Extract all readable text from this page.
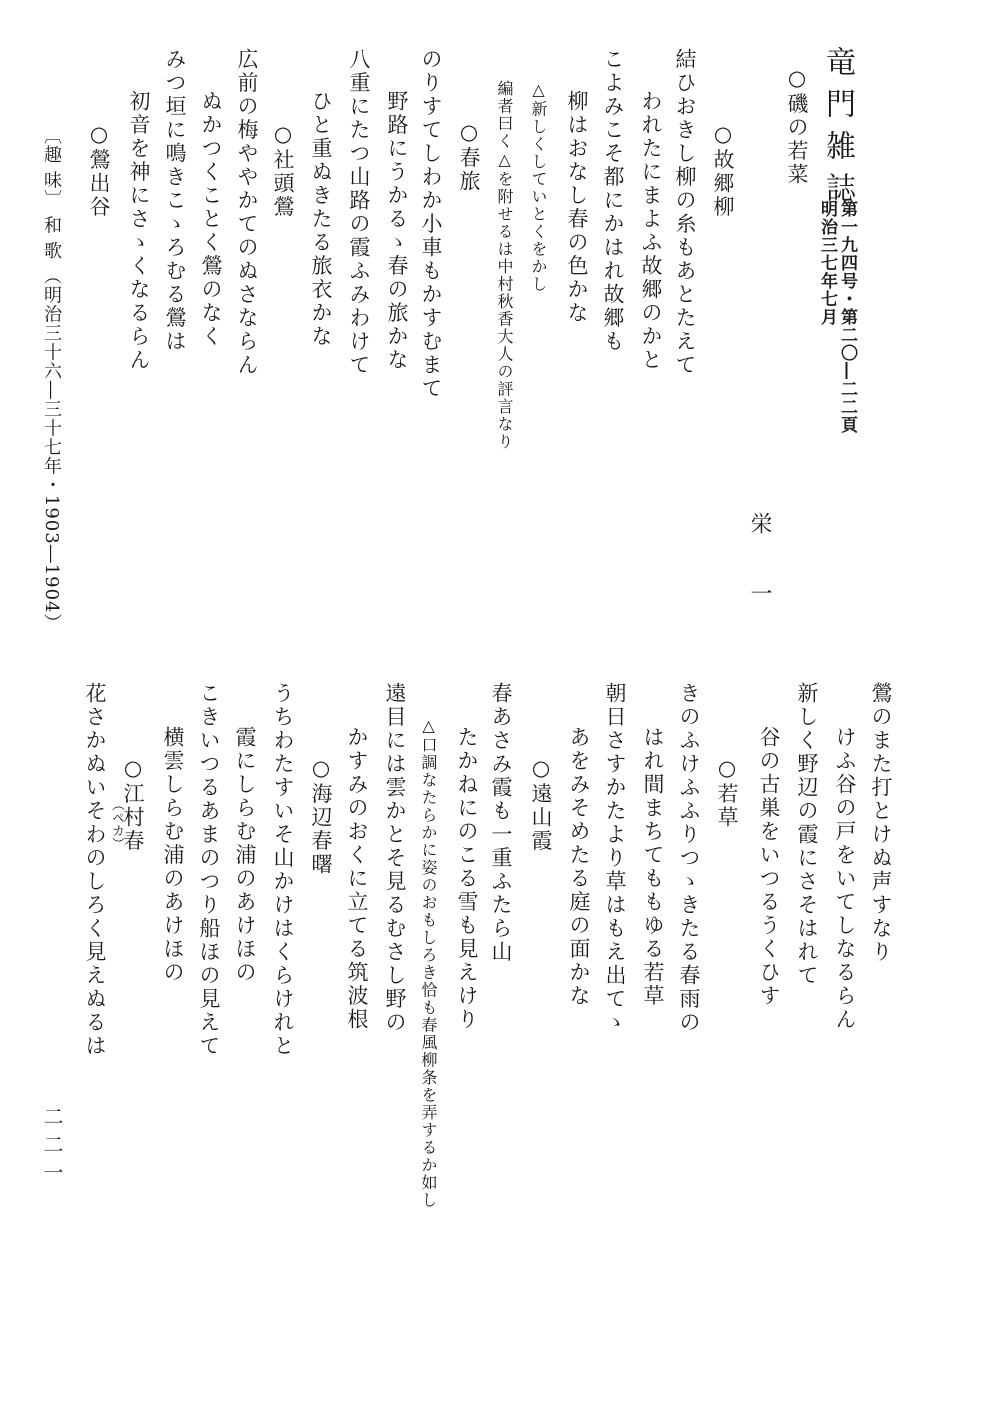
竜門雑誌
第一九四号・第二〇―二二頁
明治三七年七月
栄一
○磯の若菜
○故郷柳
結ひおきし柳の糸もあとたえて
われたにまよふ故郷のかと
こよみこそ都にかはれ故郷も
柳はおなし春の色かな
△新しくしていとくをかし
編者曰く△を附せるは中村秋香大人の評言なり
○春旅
のりすてしわか小車もかすむまて
野路にうかるゝ春の旅かな
八重にたつ山路の霞ふみわけて
ひと重ぬきたる旅衣かな
○社頭鶯
広前の梅ややかてのぬさならん
ぬかつくことく鶯のなく
みつ垣に鳴きこゝろむる鶯は
初音を神にさゝくなるらん
○鶯出谷
〔趣 味〕 和 歌 （明治三十六―三十七年・1903―1904）
鶯のまた打とけぬ声すなり
けふ谷の戸をいてしなるらん
新しく野辺の霞にさそはれて
谷の古巣をいつるうくひす
○若草
きのふけふふりつゝきたる春雨の
はれ間まちてももゆる若草
朝日さすかたより草はもえ出てゝ
あをみそめたる庭の面かな
○遠山霞
春あさみ霞も一重ふたら山
たかねにのこる雪も見えけり
△口調なたらかに姿のおもしろき恰も春風柳条を弄するか如し
遠目には雲かとそ見るむさし野の
かすみのおくに立てる筑波根
○海辺春曙
うちわたすいそ山かけはくらけれと
霞にしらむ浦のあけほの
こきいつるあまのつり船ほの見えて
横雲しらむ浦のあけほの
○江村春
（ペカ）
花さかぬいそわのしろく見えぬるは
二二一
